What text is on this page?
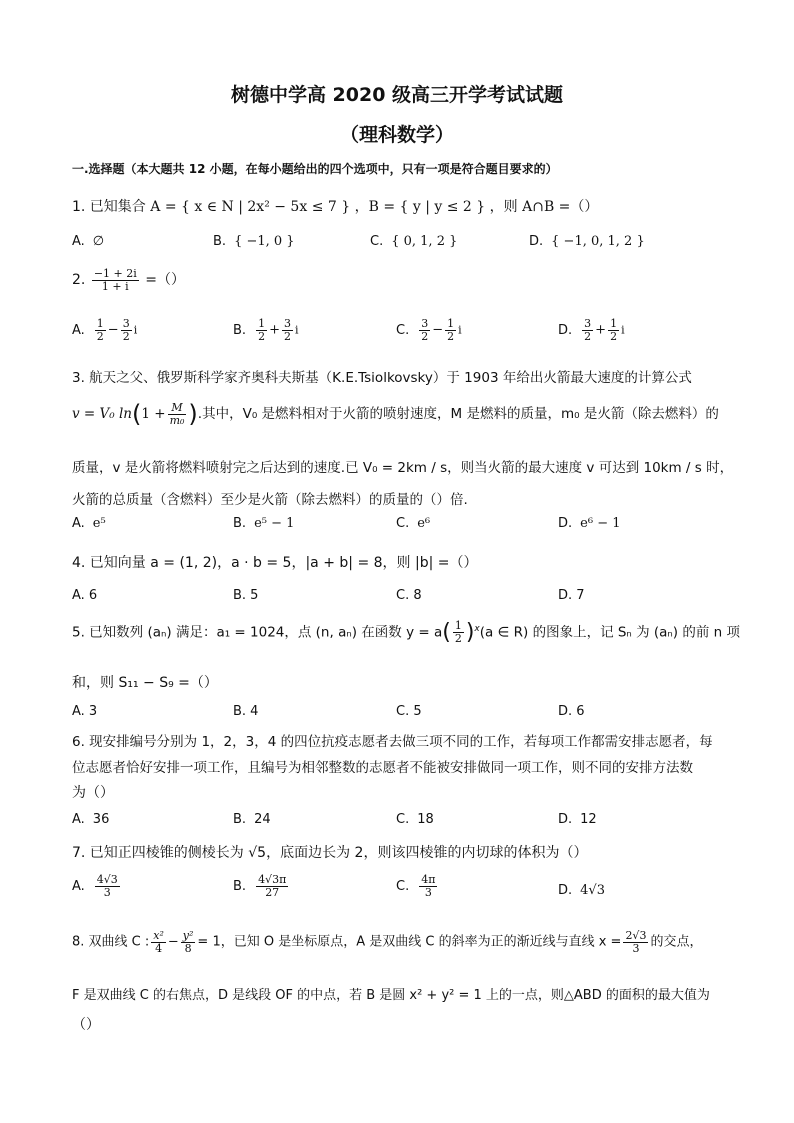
树德中学高 2020 级高三开学考试试题
（理科数学）
一.选择题（本大题共 12 小题，在每小题给出的四个选项中，只有一项是符合题目要求的）
1. 已知集合 A = { x ∈ N | 2x² − 5x ≤ 7 } ，B = { y | y ≤ 2 } ，则 A∩B =（）
A. ∅	B. { −1, 0 }	C. { 0, 1, 2 }	D. { −1, 0, 1, 2 }
2. $\frac{-1 + 2i}{1 + i}$ =（）
A. $\frac{1}{2} - \frac{3}{2}$ i	B. $\frac{1}{2} + \frac{3}{2}$ i	C. $\frac{3}{2} - \frac{1}{2}$ i	D. $\frac{3}{2} + \frac{1}{2}$ i
3. 航天之父、俄罗斯科学家齐奥科夫斯基（K.E.Tsiolkovsky）于 1903 年给出火箭最大速度的计算公式
v = V₀ $\ln(1 + \frac{M}{\text{m₀}}$ ).其中，V₀ 是燃料相对于火箭的喷射速度，M 是燃料的质量，m₀ 是火箭（除去燃料）的
质量，v 是火箭将燃料喷射完之后达到的速度.已 V₀ = 2km / s，则当火箭的最大速度 v 可达到 10km / s 时，
火箭的总质量（含燃料）至少是火箭（除去燃料）的质量的（）倍.
A. e⁵	B. e⁵ − 1	C. e⁶	D. e⁶ − 1
4. 已知向量 a = (1, 2)，a · b = 5，|a + b| = 8，则 |b| =（）
A. 6	B. 5	C. 8	D. 7
5. 已知数列 (aₙ) 满足：a₁ = 1024，点 (n, aₙ) 在函数 $y = a( \frac{1}{2} )^x(a$ ∈ R) 的图象上，记 Sₙ 为 (aₙ) 的前 n 项
和，则 S₁₁ − S₉ =（）
A. 3	B. 4	C. 5	D. 6
6. 现安排编号分别为 1，2，3，4 的四位抗疫志愿者去做三项不同的工作，若每项工作都需安排志愿者，每
位志愿者恰好安排一项工作，且编号为相邻整数的志愿者不能被安排做同一项工作，则不同的安排方法数
为（）
A. 36	B. 24	C. 18	D. 12
7. 已知正四棱锥的侧棱长为 √5，底面边长为 2，则该四棱锥的内切球的体积为（）
A. $\frac{4√3}{3}$	B. $\frac{4√3\pi}{27}$	C. $\frac{4\pi}{3}$	D. 4√3
8. 双曲线 C : $\frac{\text{x²}}{4} - \frac{\text{y²}}{8} = 1$，已知 O 是坐标原点，A 是双曲线 C 的斜率为正的渐近线与直线 $x = \frac{2√3}{3}$ 的交点，
F 是双曲线 C 的右焦点，D 是线段 OF 的中点，若 B 是圆 x² + y² = 1 上的一点，则△ABD 的面积的最大值为
（）
